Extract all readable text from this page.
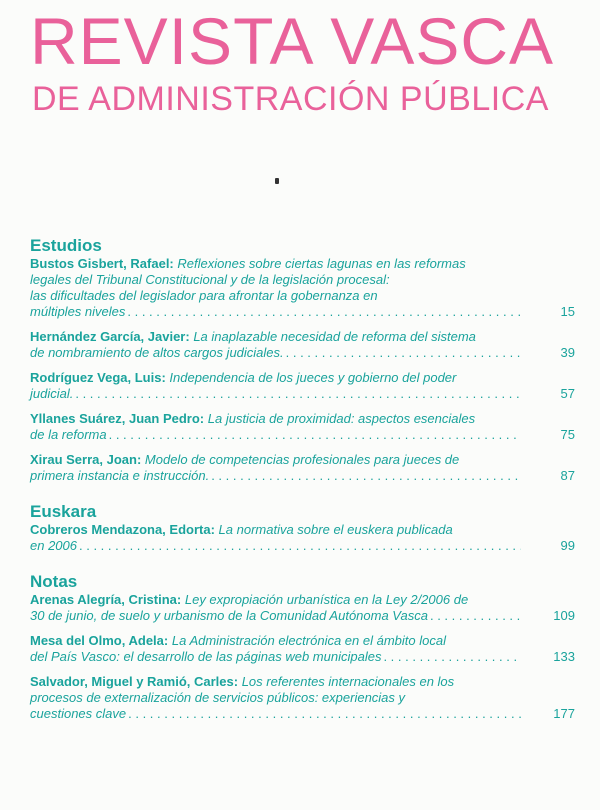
REVISTA VASCA
DE ADMINISTRACIÓN PÚBLICA
Estudios
Bustos Gisbert, Rafael: Reflexiones sobre ciertas lagunas en las reformas
legales del Tribunal Constitucional y de la legislación procesal:
las dificultades del legislador para afrontar la gobernanza en
múltiples niveles . . .	15
Hernández García, Javier: La inaplazable necesidad de reforma del sistema
de nombramiento de altos cargos judiciales. . . .	39
Rodríguez Vega, Luis: Independencia de los jueces y gobierno del poder
judicial. . . .	57
Yllanes Suárez, Juan Pedro: La justicia de proximidad: aspectos esenciales
de la reforma . . .	75
Xirau Serra, Joan: Modelo de competencias profesionales para jueces de
primera instancia e instrucción. . . .	87
Euskara
Cobreros Mendazona, Edorta: La normativa sobre el euskera publicada
en 2006 . . .	99
Notas
Arenas Alegría, Cristina: Ley expropiación urbanística en la Ley 2/2006 de
30 de junio, de suelo y urbanismo de la Comunidad Autónoma Vasca . . .	109
Mesa del Olmo, Adela: La Administración electrónica en el ámbito local
del País Vasco: el desarrollo de las páginas web municipales . . .	133
Salvador, Miguel y Ramió, Carles: Los referentes internacionales en los
procesos de externalización de servicios públicos: experiencias y
cuestiones clave . . .	177
